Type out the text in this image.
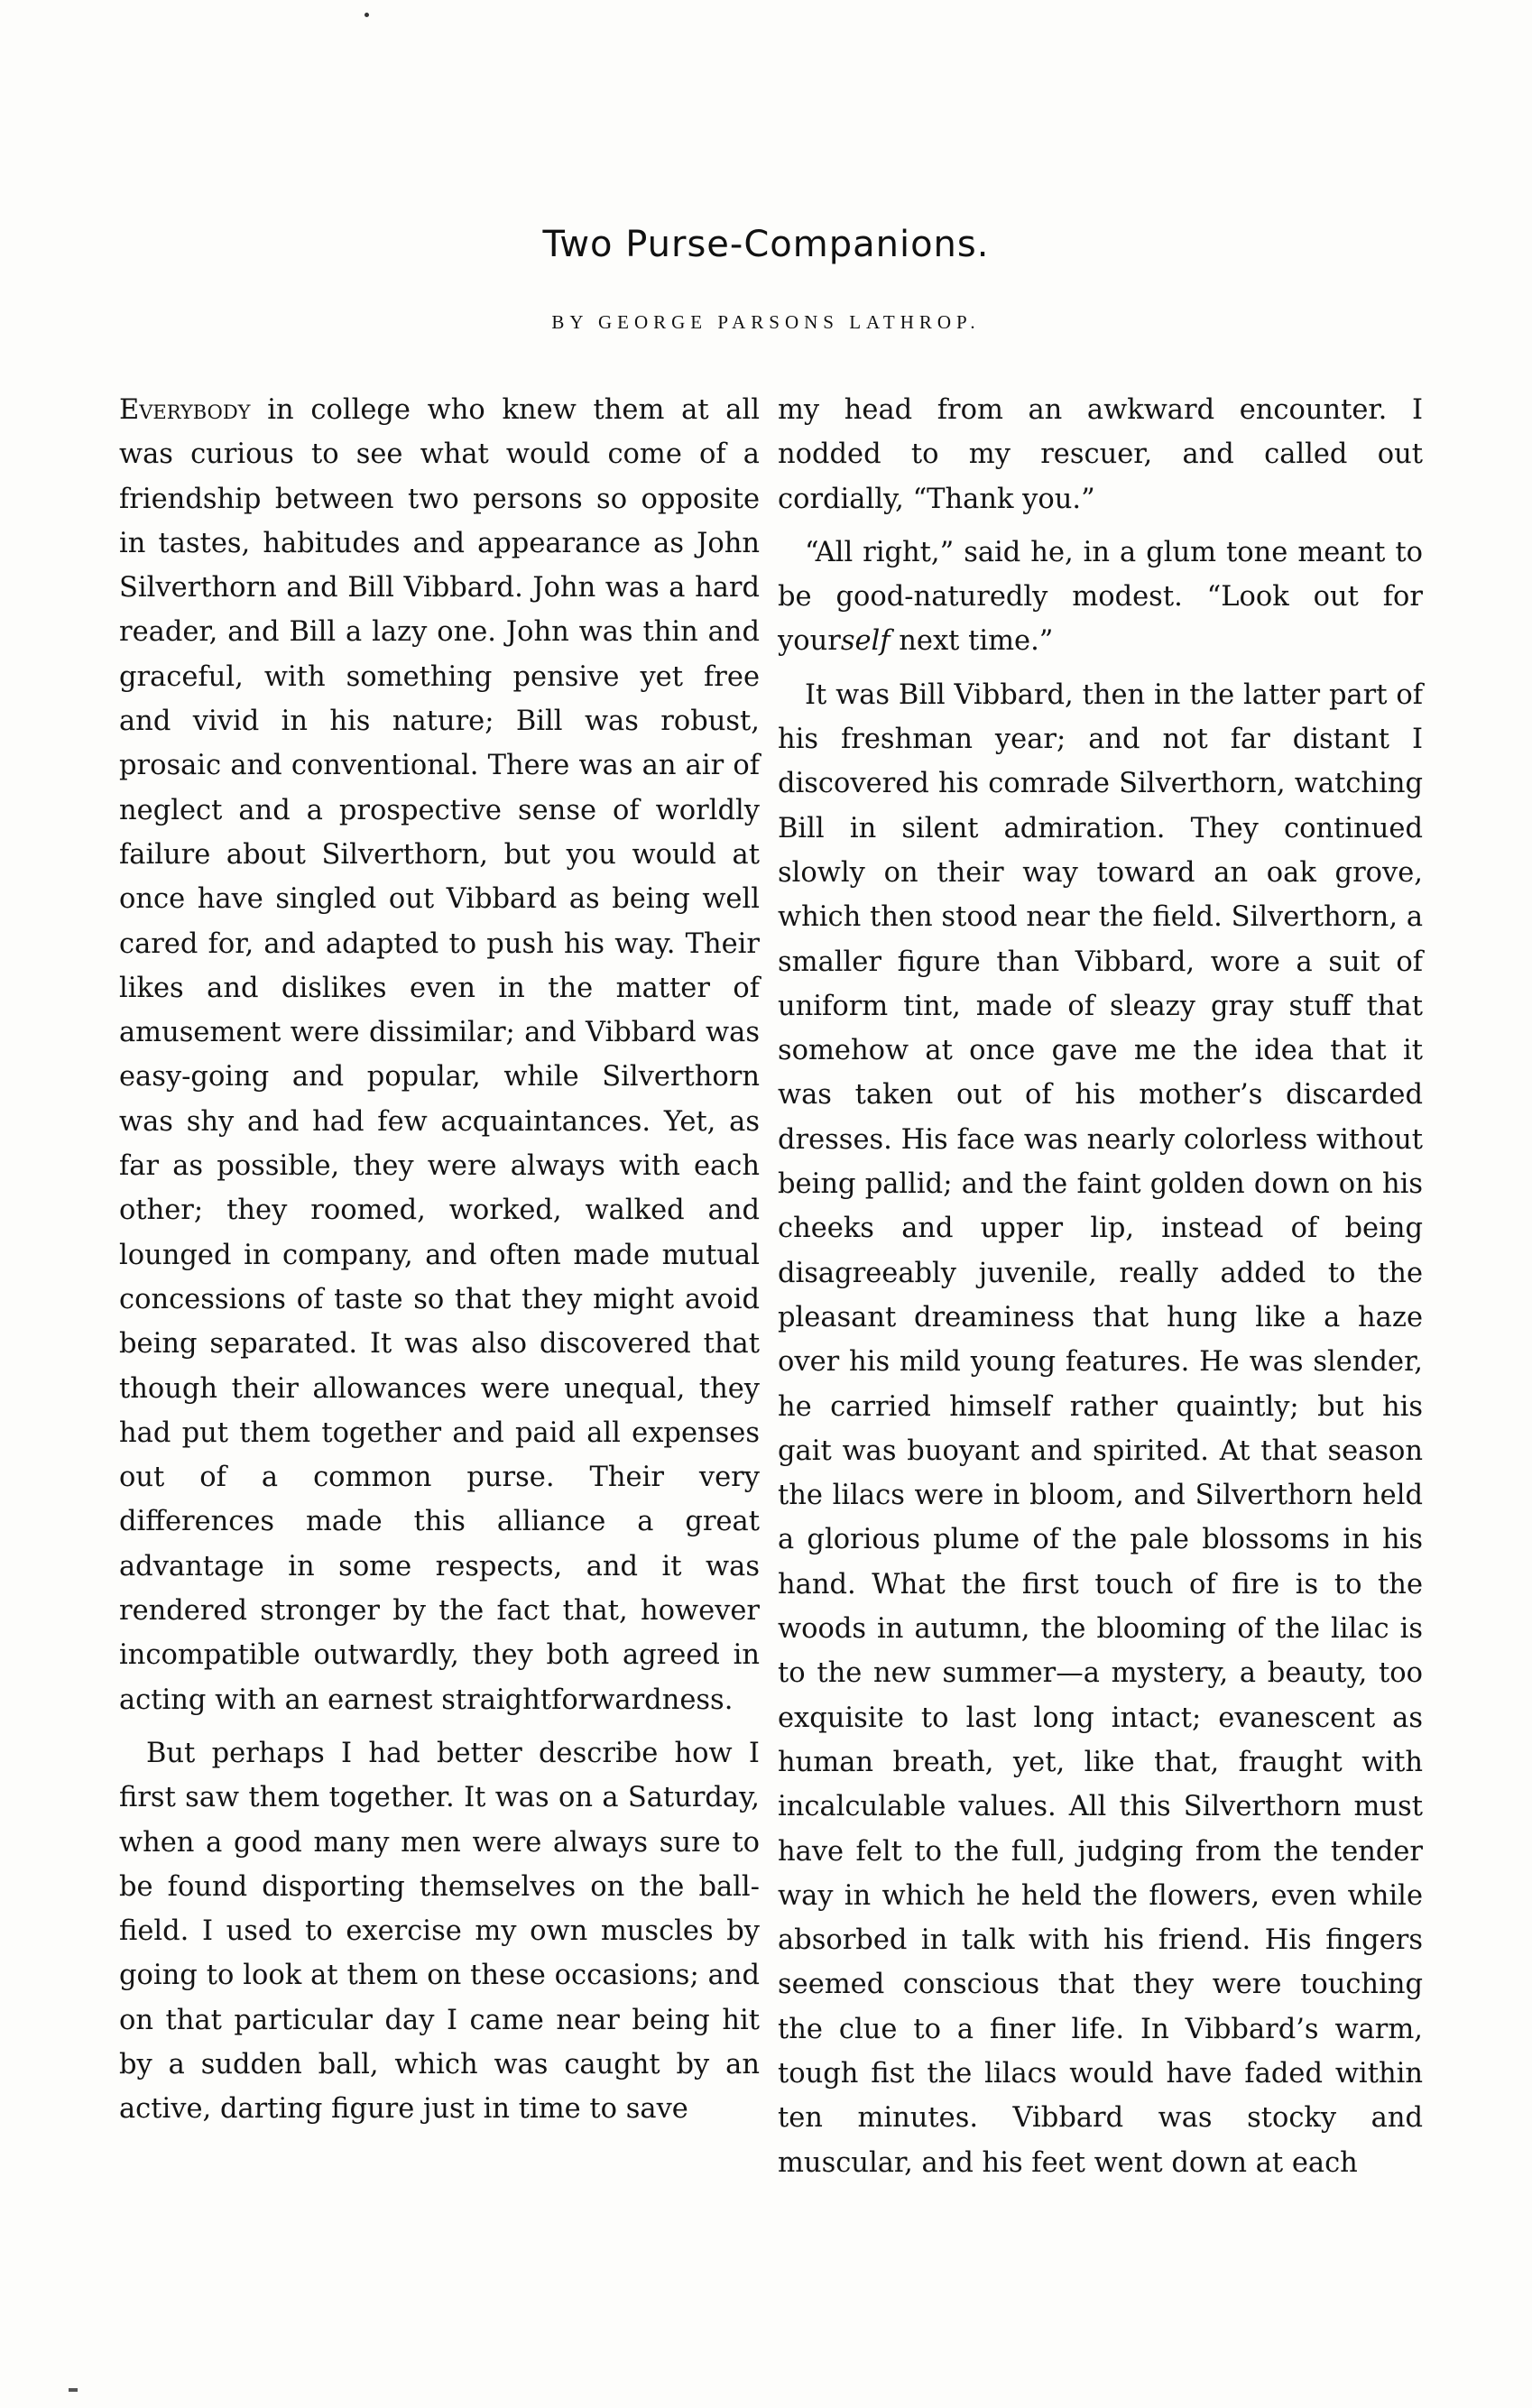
Two Purse-Companions.
BY GEORGE PARSONS LATHROP.

Everybody in college who knew them at all was curious to see what would come of a friendship between two persons so opposite in tastes, habitudes and appearance as John Silverthorn and Bill Vibbard. John was a hard reader, and Bill a lazy one. John was thin and graceful, with something pensive yet free and vivid in his nature; Bill was robust, prosaic and conventional. There was an air of neglect and a prospective sense of worldly failure about Silverthorn, but you would at once have singled out Vibbard as being well cared for, and adapted to push his way. Their likes and dislikes even in the matter of amusement were dissimilar; and Vibbard was easy-going and popular, while Silverthorn was shy and had few acquaintances. Yet, as far as possible, they were always with each other; they roomed, worked, walked and lounged in company, and often made mutual concessions of taste so that they might avoid being separated. It was also discovered that though their allowances were unequal, they had put them together and paid all expenses out of a common purse. Their very differences made this alliance a great advantage in some respects, and it was rendered stronger by the fact that, however incompatible outwardly, they both agreed in acting with an earnest straightforwardness.

But perhaps I had better describe how I first saw them together. It was on a Saturday, when a good many men were always sure to be found disporting themselves on the ball-field. I used to exercise my own muscles by going to look at them on these occasions; and on that particular day I came near being hit by a sudden ball, which was caught by an active, darting figure just in time to save

my head from an awkward encounter. I nodded to my rescuer, and called out cordially, “Thank you.”

“All right,” said he, in a glum tone meant to be good-naturedly modest. “Look out for yourself next time.”

It was Bill Vibbard, then in the latter part of his freshman year; and not far distant I discovered his comrade Silverthorn, watching Bill in silent admiration. They continued slowly on their way toward an oak grove, which then stood near the field. Silverthorn, a smaller figure than Vibbard, wore a suit of uniform tint, made of sleazy gray stuff that somehow at once gave me the idea that it was taken out of his mother’s discarded dresses. His face was nearly colorless without being pallid; and the faint golden down on his cheeks and upper lip, instead of being disagreeably juvenile, really added to the pleasant dreaminess that hung like a haze over his mild young features. He was slender, he carried himself rather quaintly; but his gait was buoyant and spirited. At that season the lilacs were in bloom, and Silverthorn held a glorious plume of the pale blossoms in his hand. What the first touch of fire is to the woods in autumn, the blooming of the lilac is to the new summer—a mystery, a beauty, too exquisite to last long intact; evanescent as human breath, yet, like that, fraught with incalculable values. All this Silverthorn must have felt to the full, judging from the tender way in which he held the flowers, even while absorbed in talk with his friend. His fingers seemed conscious that they were touching the clue to a finer life. In Vibbard’s warm, tough fist the lilacs would have faded within ten minutes. Vibbard was stocky and muscular, and his feet went down at each
